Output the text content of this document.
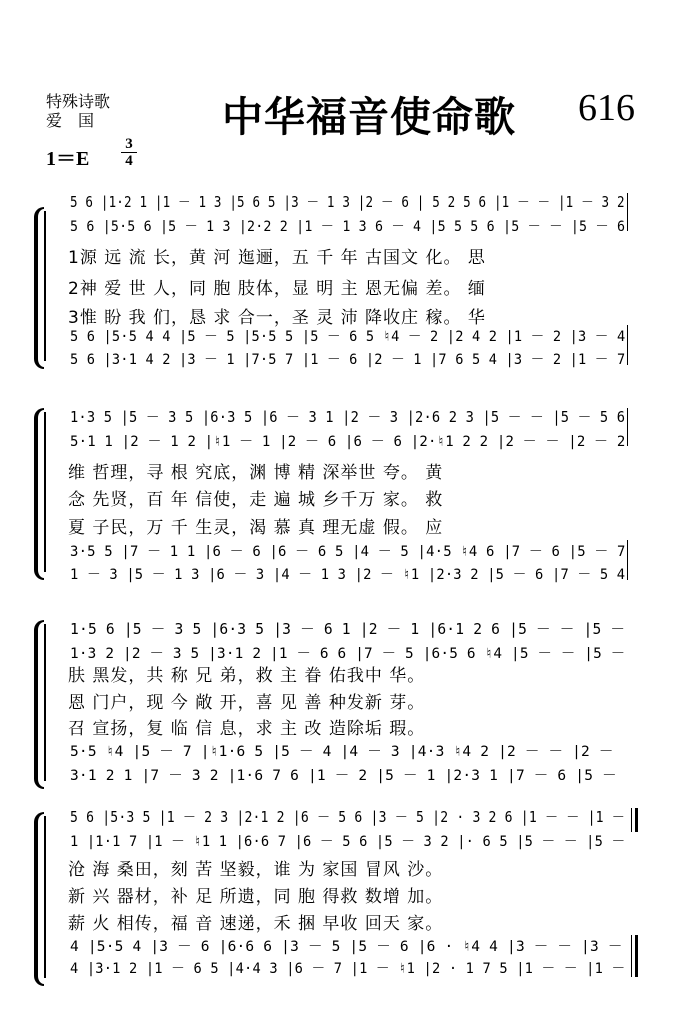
特殊诗歌
爱　国	中华福音使命歌 616
1＝E
3
4
5 6 |1·2 1 |1 － 1 3 |5 6 5 |3 － 1 3 |2 － 6 | 5 2 5 6 |1 － － |1 － 3 2
5 6 |5·5 6 |5 － 1 3 |2·2 2 |1 － 1 3 6 － 4 |5 5 5 6 |5 － － |5 － 6
1源 远 流 长，黄 河 迤逦，五 千 年 古国文 化。 思
2神 爱 世 人，同 胞 肢体，显 明 主 恩无偏 差。 缅
3惟 盼 我 们，恳 求 合一，圣 灵 沛 降收庄 稼。 华
5 6 |5·5 4 4 |5 － 5 |5·5 5 |5 － 6 5 ♮4 － 2 |2 4 2 |1 － 2 |3 － 4
5 6 |3·1 4 2 |3 － 1 |7·5 7 |1 － 6 |2 － 1 |7 6 5 4 |3 － 2 |1 － 7
1·3 5 |5 － 3 5 |6·3 5 |6 － 3 1 |2 － 3 |2·6 2 3 |5 － － |5 － 5 6
5·1 1 |2 － 1 2 |♮1 － 1 |2 － 6 |6 － 6 |2·♮1 2 2 |2 － － |2 － 2
维 哲理，寻 根 究底，渊 博 精 深举世 夸。 黄
念 先贤，百 年 信使，走 遍 城 乡千万 家。 救
夏 子民，万 千 生灵，渴 慕 真 理无虚 假。 应
3·5 5 |7 － 1 1 |6 － 6 |6 － 6 5 |4 － 5 |4·5 ♮4 6 |7 － 6 |5 － 7
1 － 3 |5 － 1 3 |6 － 3 |4 － 1 3 |2 － ♮1 |2·3 2 |5 － 6 |7 － 5 4
1·5 6 |5 － 3 5 |6·3 5 |3 － 6 1 |2 － 1 |6·1 2 6 |5 － － |5 －
1·3 2 |2 － 3 5 |3·1 2 |1 － 6 6 |7 － 5 |6·5 6 ♮4 |5 － － |5 －
肤 黑发，共 称 兄 弟，救 主 眷 佑我中 华。
恩 门户，现 今 敞 开，喜 见 善 种发新 芽。
召 宣扬，复 临 信 息，求 主 改 造除垢 瑕。
5·5 ♮4 |5 － 7 |♮1·6 5 |5 － 4 |4 － 3 |4·3 ♮4 2 |2 － － |2 －
3·1 2 1 |7 － 3 2 |1·6 7 6 |1 － 2 |5 － 1 |2·3 1 |7 － 6 |5 －
5 6 |5·3 5 |1 － 2 3 |2·1 2 |6 － 5 6 |3 － 5 |2 · 3 2 6 |1 － － |1 －
1 |1·1 7 |1 － ♮1 1 |6·6 7 |6 － 5 6 |5 － 3 2 |· 6 5 |5 － － |5 －
沧 海 桑田，刻 苦 坚毅，谁 为 家国 冒风 沙。
新 兴 器材，补 足 所遗，同 胞 得救 数增 加。
薪 火 相传，福 音 速递，禾 捆 早收 回天 家。
4 |5·5 4 |3 － 6 |6·6 6 |3 － 5 |5 － 6 |6 · ♮4 4 |3 － － |3 －
4 |3·1 2 |1 － 6 5 |4·4 3 |6 － 7 |1 － ♮1 |2 · 1 7 5 |1 － － |1 －
